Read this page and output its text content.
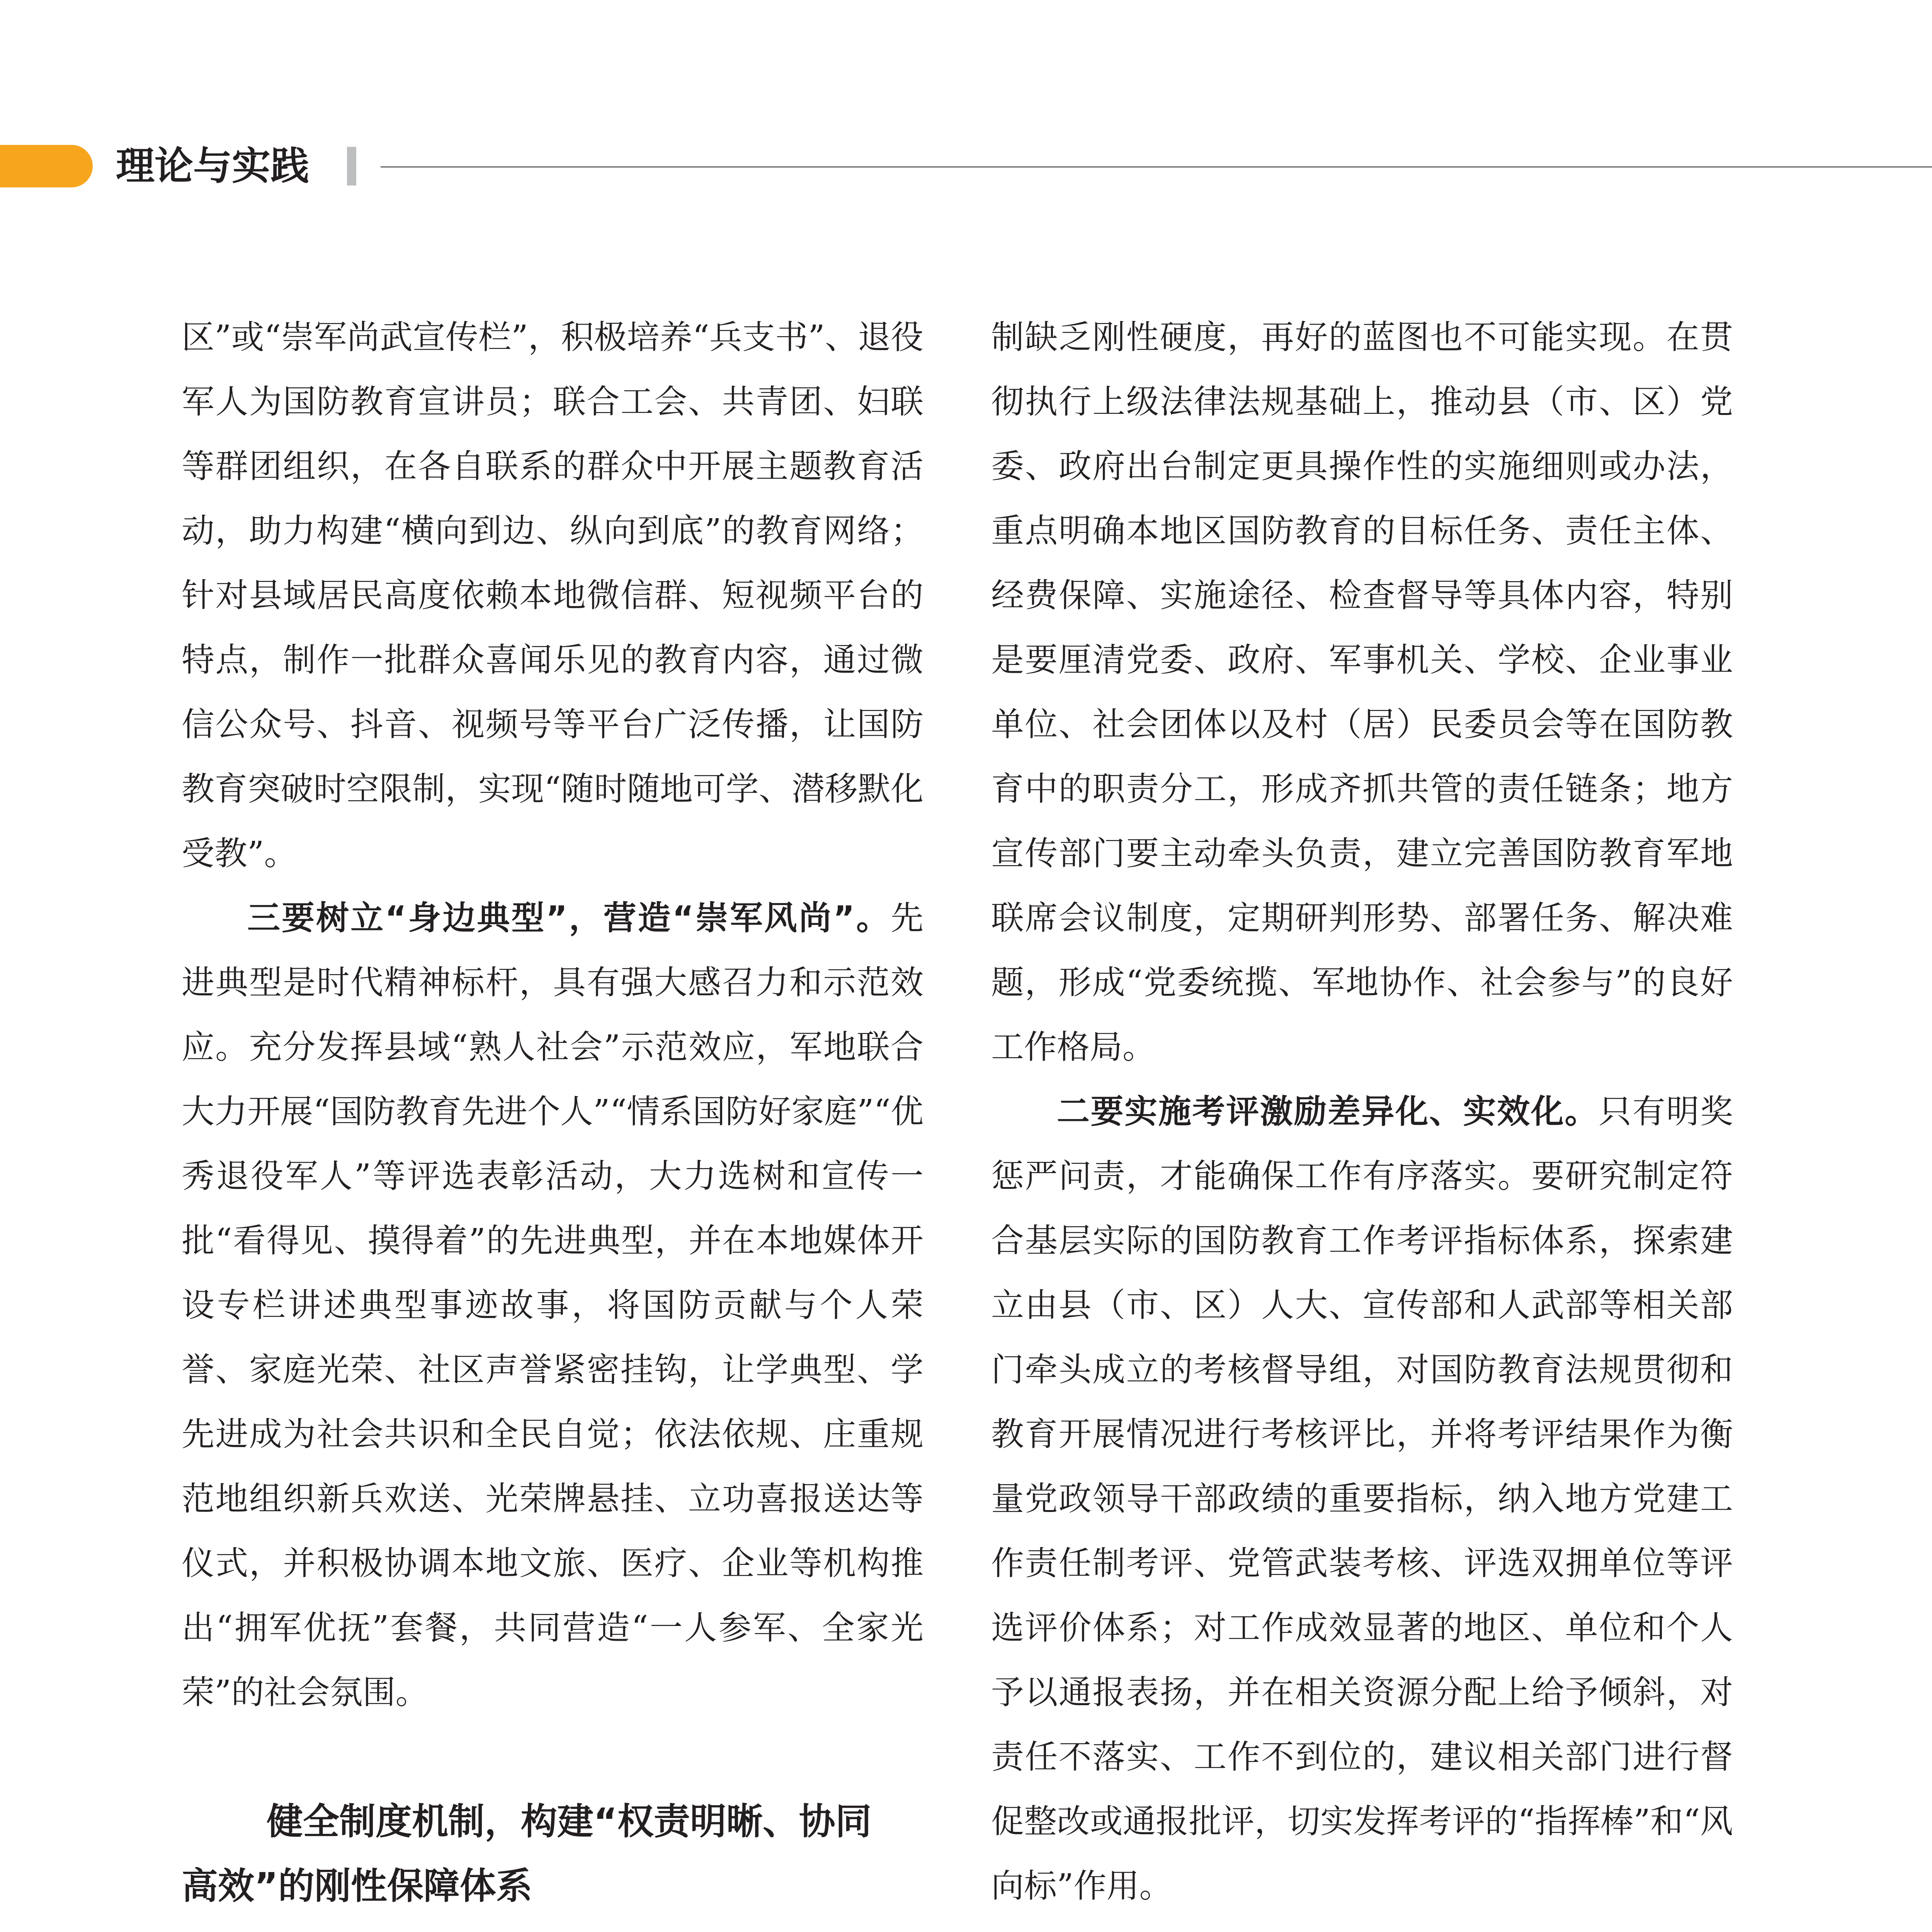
理论与实践

区”或“崇军尚武宣传栏”，积极培养“兵支书”、退役军人为国防教育宣讲员；联合工会、共青团、妇联等群团组织，在各自联系的群众中开展主题教育活动，助力构建“横向到边、纵向到底”的教育网络；针对县域居民高度依赖本地微信群、短视频平台的特点，制作一批群众喜闻乐见的教育内容，通过微信公众号、抖音、视频号等平台广泛传播，让国防教育突破时空限制，实现“随时随地可学、潜移默化受教”。

三要树立“身边典型”，营造“崇军风尚”。先进典型是时代精神标杆，具有强大感召力和示范效应。充分发挥县域“熟人社会”示范效应，军地联合大力开展“国防教育先进个人”“情系国防好家庭”“优秀退役军人”等评选表彰活动，大力选树和宣传一批“看得见、摸得着”的先进典型，并在本地媒体开设专栏讲述典型事迹故事，将国防贡献与个人荣誉、家庭光荣、社区声誉紧密挂钩，让学典型、学先进成为社会共识和全民自觉；依法依规、庄重规范地组织新兵欢送、光荣牌悬挂、立功喜报送达等仪式，并积极协调本地文旅、医疗、企业等机构推出“拥军优抚”套餐，共同营造“一人参军、全家光荣”的社会氛围。

健全制度机制，构建“权责明晰、协同
高效”的刚性保障体系

制缺乏刚性硬度，再好的蓝图也不可能实现。在贯彻执行上级法律法规基础上，推动县（市、区）党委、政府出台制定更具操作性的实施细则或办法，重点明确本地区国防教育的目标任务、责任主体、经费保障、实施途径、检查督导等具体内容，特别是要厘清党委、政府、军事机关、学校、企业事业单位、社会团体以及村（居）民委员会等在国防教育中的职责分工，形成齐抓共管的责任链条；地方宣传部门要主动牵头负责，建立完善国防教育军地联席会议制度，定期研判形势、部署任务、解决难题，形成“党委统揽、军地协作、社会参与”的良好工作格局。

二要实施考评激励差异化、实效化。只有明奖惩严问责，才能确保工作有序落实。要研究制定符合基层实际的国防教育工作考评指标体系，探索建立由县（市、区）人大、宣传部和人武部等相关部门牵头成立的考核督导组，对国防教育法规贯彻和教育开展情况进行考核评比，并将考评结果作为衡量党政领导干部政绩的重要指标，纳入地方党建工作责任制考评、党管武装考核、评选双拥单位等评选评价体系；对工作成效显著的地区、单位和个人予以通报表扬，并在相关资源分配上给予倾斜，对责任不落实、工作不到位的，建议相关部门进行督促整改或通报批评，切实发挥考评的“指挥棒”和“风向标”作用。
